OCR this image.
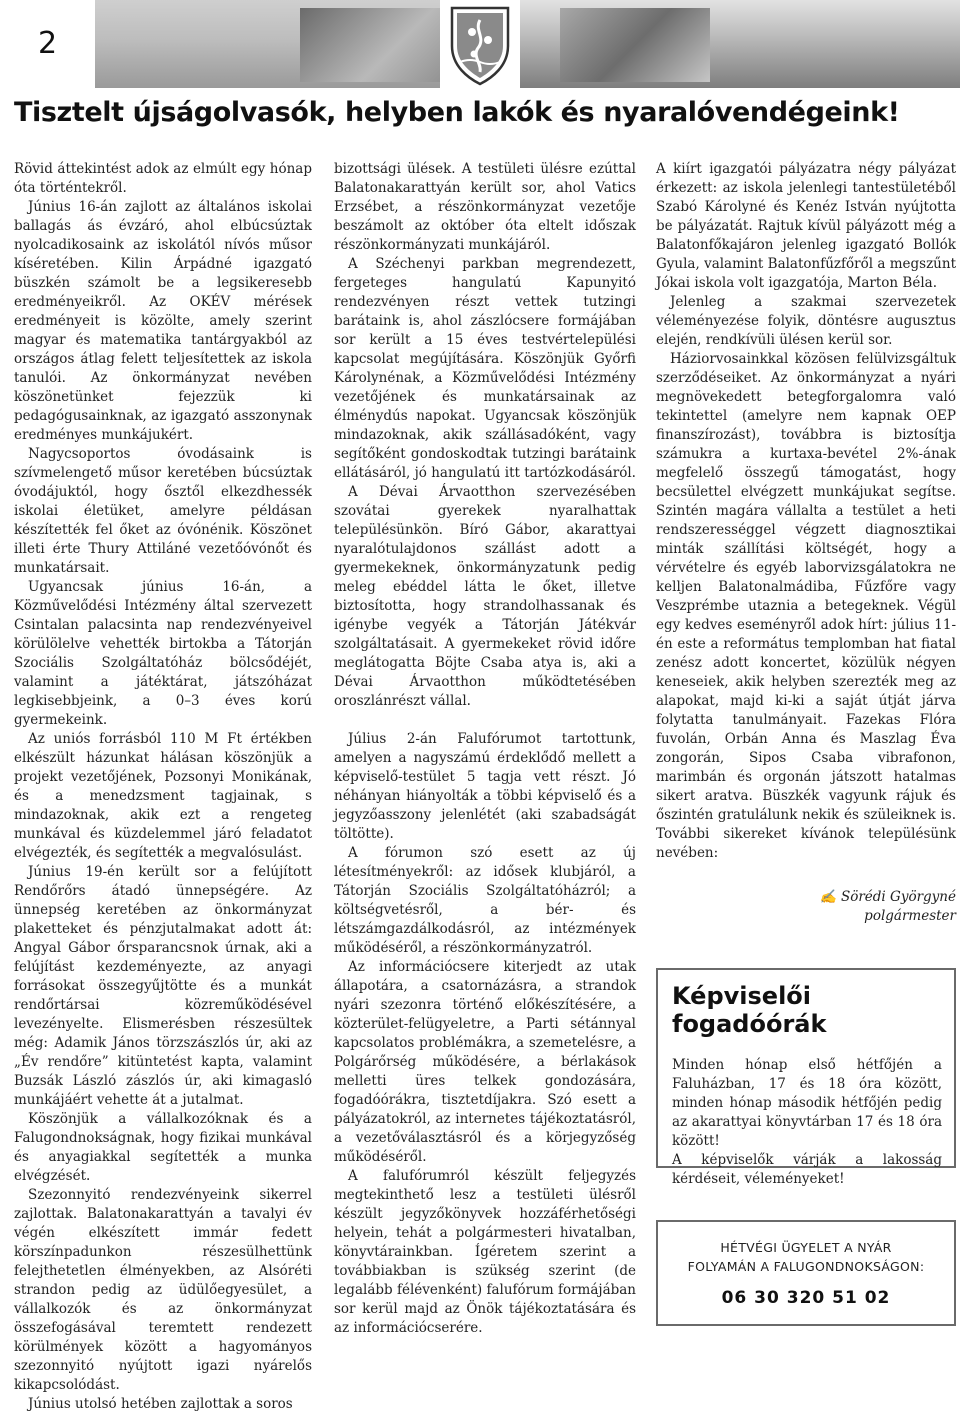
2
Tisztelt újságolvasók, helyben lakók és nyaralóvendégeink!

Rövid áttekintést adok az elmúlt egy hónap óta történtekről.

Június 16-án zajlott az általános iskolai ballagás ás évzáró, ahol elbúcsúztak nyolcadikosaink az iskolától nívós műsor kíséretében. Kilin Árpádné igazgató büszkén számolt be a legsikeresebb eredményeikről. Az OKÉV mérések eredményeit is közölte, amely szerint magyar és matematika tantárgyakból az országos átlag felett teljesítettek az iskola tanulói. Az önkormányzat nevében köszönetünket fejezzük ki pedagógusainknak, az igazgató asszonynak eredményes munkájukért.

Nagycsoportos óvodásaink is szívmelengető műsor keretében búcsúztak óvodájuktól, hogy ősztől elkezdhessék iskolai életüket, amelyre példásan készítették fel őket az óvónénik. Köszönet illeti érte Thury Attiláné vezetőóvónőt és munkatársait.

Ugyancsak június 16-án, a Közművelődési Intézmény által szervezett Csintalan palacsinta nap rendezvényeivel körülölelve vehették birtokba a Tátorján Szociális Szolgáltatóház bölcsődéjét, valamint a játéktárat, játszóházat legkisebbjeink, a 0–3 éves korú gyermekeink.

Az uniós forrásból 110 M Ft értékben elkészült házunkat hálásan köszönjük a projekt vezetőjének, Pozsonyi Monikának, és a menedzsment tagjainak, s mindazoknak, akik ezt a rengeteg munkával és küzdelemmel járó feladatot elvégezték, és segítették a megvalósulást.

Június 19-én került sor a felújított Rendőrőrs átadó ünnepségére. Az ünnepség keretében az önkormányzat plaketteket és pénzjutalmakat adott át: Angyal Gábor őrsparancsnok úrnak, aki a felújítást kezdeményezte, az anyagi forrásokat összegyűjtötte és a munkát rendőrtársai közreműködésével levezényelte. Elismerésben részesültek még: Adamik János törzszászlós úr, aki az „Év rendőre” kitüntetést kapta, valamint Buzsák László zászlós úr, aki kimagasló munkájáért vehette át a jutalmat.

Köszönjük a vállalkozóknak és a Falugondnokságnak, hogy fizikai munkával és anyagiakkal segítették a munka elvégzését.

Szezonnyitó rendezvényeink sikerrel zajlottak. Balatonakarattyán a tavalyi év végén elkészített immár fedett körszínpadunkon részesülhettünk felejthetetlen élményekben, az Alsóréti strandon pedig az üdülőegyesület, a vállalkozók és az önkormányzat összefogásával teremtett rendezett körülmények között a hagyományos szezonnyitó nyújtott igazi nyárelős kikapcsolódást.

Június utolsó hetében zajlottak a soros

bizottsági ülések. A testületi ülésre ezúttal Balatonakarattyán került sor, ahol Vatics Erzsébet, a részönkormányzat vezetője beszámolt az október óta eltelt időszak részönkormányzati munkájáról.

A Széchenyi parkban megrendezett, fergeteges hangulatú Kapunyitó rendezvényen részt vettek tutzingi barátaink is, ahol zászlócsere formájában sor került a 15 éves testvértelepülési kapcsolat megújítására. Köszönjük Győrfi Károlynénak, a Közművelődési Intézmény vezetőjének és munkatársainak az élménydús napokat. Ugyancsak köszönjük mindazoknak, akik szállásadóként, vagy segítőként gondoskodtak tutzingi barátaink ellátásáról, jó hangulatú itt tartózkodásáról.

A Dévai Árvaotthon szervezésében szovátai gyerekek nyaralhattak településünkön. Bíró Gábor, akarattyai nyaralótulajdonos szállást adott a gyermekeknek, önkormányzatunk pedig meleg ebéddel látta le őket, illetve biztosította, hogy strandolhassanak és igénybe vegyék a Tátorján Játékvár szolgáltatásait. A gyermekeket rövid időre meglátogatta Böjte Csaba atya is, aki a Dévai Árvaotthon működtetésében oroszlánrészt vállal.

Július 2-án Falufórumot tartottunk, amelyen a nagyszámú érdeklődő mellett a képviselő-testület 5 tagja vett részt. Jó néhányan hiányolták a többi képviselő és a jegyzőasszony jelenlétét (aki szabadságát töltötte).

A fórumon szó esett az új létesítményekről: az idősek klubjáról, a Tátorján Szociális Szolgáltatóházról; a költségvetésről, a bér- és létszámgazdálkodásról, az intézmények működéséről, a részönkormányzatról.

Az információcsere kiterjedt az utak állapotára, a csatornázásra, a strandok nyári szezonra történő előkészítésére, a közterület-felügyeletre, a Parti sétánnyal kapcsolatos problémákra, a szemetelésre, a Polgárőrség működésére, a bérlakások melletti üres telkek gondozására, fogadóórákra, tisztetdíjakra. Szó esett a pályázatokról, az internetes tájékoztatásról, a vezetőválasztásról és a körjegyzőség működéséről.

A falufórumról készült feljegyzés megtekinthető lesz a testületi ülésről készült jegyzőkönyvek hozzáférhetőségi helyein, tehát a polgármesteri hivatalban, könyvtárainkban. Ígéretem szerint a továbbiakban is szükség szerint (de legalább félévenként) falufórum formájában sor kerül majd az Önök tájékoztatására és az információcserére.

A kiírt igazgatói pályázatra négy pályázat érkezett: az iskola jelenlegi tantestületéből Szabó Károlyné és Kenéz István nyújtotta be pályázatát. Rajtuk kívül pályázott még a Balatonfőkajáron jelenleg igazgató Bollók Gyula, valamint Balatonfűzfőről a megszűnt Jókai iskola volt igazgatója, Marton Béla.

Jelenleg a szakmai szervezetek véleményezése folyik, döntésre augusztus elején, rendkívüli ülésen kerül sor.

Háziorvosainkkal közösen felülvizsgáltuk szerződéseiket. Az önkormányzat a nyári megnövekedett betegforgalomra való tekintettel (amelyre nem kapnak OEP finanszírozást), továbbra is biztosítja számukra a kurtaxa-bevétel 2%-ának megfelelő összegű támogatást, hogy becsülettel elvégzett munkájukat segítse. Szintén magára vállalta a testület a heti rendszerességgel végzett diagnosztikai minták szállítási költségét, hogy a vérvételre és egyéb laborvizsgálatokra ne kelljen Balatonalmádiba, Fűzfőre vagy Veszprémbe utaznia a betegeknek. Végül egy kedves eseményről adok hírt: július 11-én este a református templomban hat fiatal zenész adott koncertet, közülük négyen keneseiek, akik helyben szerezték meg az alapokat, majd ki-ki a saját útját járva folytatta tanulmányait. Fazekas Flóra fuvolán, Orbán Anna és Maszlag Éva zongorán, Sipos Csaba vibrafonon, marimbán és orgonán játszott hatalmas sikert aratva. Büszkék vagyunk rájuk és őszintén gratulálunk nekik és szüleiknek is. További sikereket kívánok településünk nevében:

✍ Sörédi Györgyné
polgármester
Képviselői fogadóórák
Minden hónap első hétfőjén a Faluházban, 17 és 18 óra között, minden hónap második hétfőjén pedig az akarattyai könyvtárban 17 és 18 óra között!
A képviselők várják a lakosság kérdéseit, véleményeket!
HÉTVÉGI ÜGYELET A NYÁR
FOLYAMÁN A FALUGONDNOKSÁGON:
06 30 320 51 02
